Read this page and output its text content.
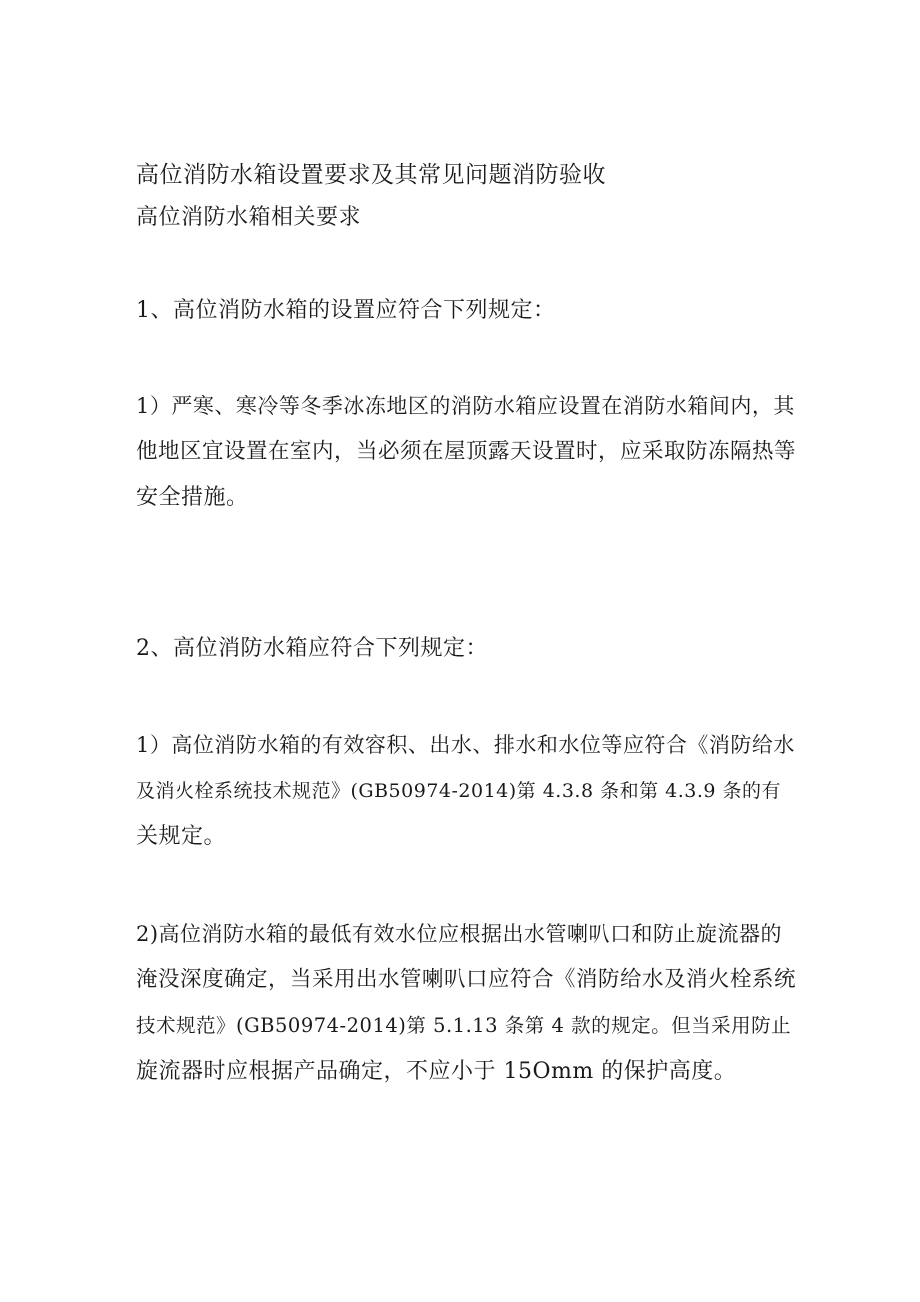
高位消防水箱设置要求及其常见问题消防验收
高位消防水箱相关要求
1、高位消防水箱的设置应符合下列规定：
1）严寒、寒冷等冬季冰冻地区的消防水箱应设置在消防水箱间内，其
他地区宜设置在室内，当必须在屋顶露天设置时，应采取防冻隔热等
安全措施。
2、高位消防水箱应符合下列规定：
1）高位消防水箱的有效容积、出水、排水和水位等应符合《消防给水
及消火栓系统技术规范》(GB50974-2014)第 4.3.8 条和第 4.3.9 条的有
关规定。
2)高位消防水箱的最低有效水位应根据出水管喇叭口和防止旋流器的
淹没深度确定，当采用出水管喇叭口应符合《消防给水及消火栓系统
技术规范》(GB50974-2014)第 5.1.13 条第 4 款的规定。但当采用防止
旋流器时应根据产品确定，不应小于 15Omm 的保护高度。
